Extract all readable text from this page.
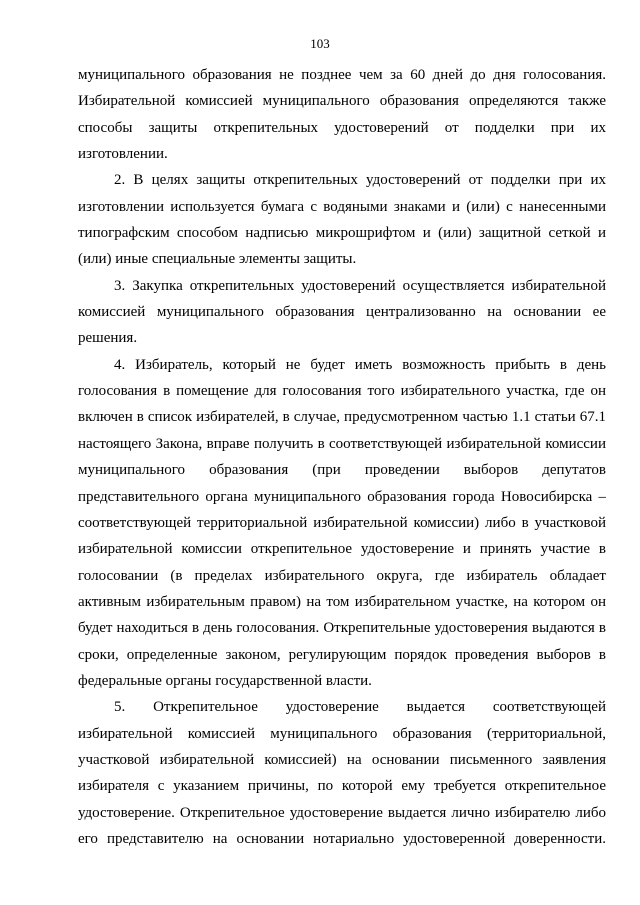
103
муниципального образования не позднее чем за 60 дней до дня голосования.
Избирательной комиссией муниципального образования определяются также
способы защиты открепительных удостоверений от подделки при их
изготовлении.
2. В целях защиты открепительных удостоверений от подделки при их
изготовлении используется бумага с водяными знаками и (или) с нанесенными
типографским способом надписью микрошрифтом и (или) защитной сеткой и
(или) иные специальные элементы защиты.
3. Закупка открепительных удостоверений осуществляется избирательной
комиссией муниципального образования централизованно на основании ее
решения.
4. Избиратель, который не будет иметь возможность прибыть в день
голосования в помещение для голосования того избирательного участка, где он
включен в список избирателей, в случае, предусмотренном частью 1.1 статьи 67.1
настоящего Закона, вправе получить в соответствующей избирательной комиссии
муниципального образования (при проведении выборов депутатов
представительного органа муниципального образования города Новосибирска –
соответствующей территориальной избирательной комиссии) либо в участковой
избирательной комиссии открепительное удостоверение и принять участие в
голосовании (в пределах избирательного округа, где избиратель обладает
активным избирательным правом) на том избирательном участке, на котором он
будет находиться в день голосования. Открепительные удостоверения выдаются в
сроки, определенные законом, регулирующим порядок проведения выборов в
федеральные органы государственной власти.
5. Открепительное удостоверение выдается соответствующей
избирательной комиссией муниципального образования (территориальной,
участковой избирательной комиссией) на основании письменного заявления
избирателя с указанием причины, по которой ему требуется открепительное
удостоверение. Открепительное удостоверение выдается лично избирателю либо
его представителю на основании нотариально удостоверенной доверенности.
